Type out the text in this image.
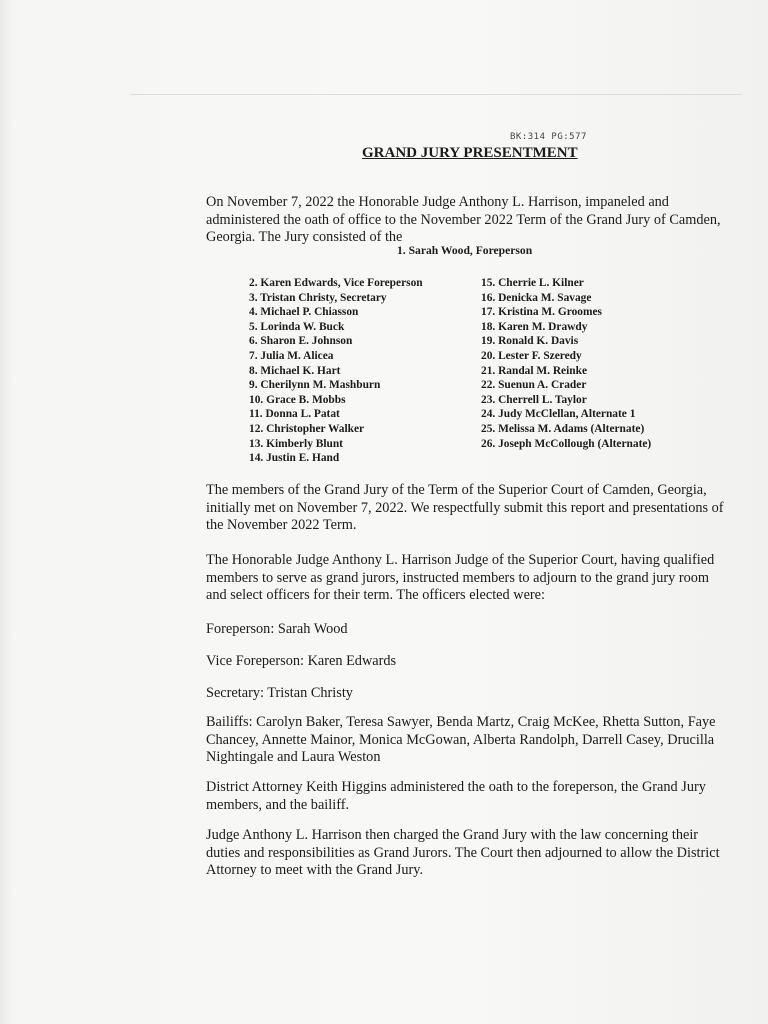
BK:314 PG:577
GRAND JURY PRESENTMENT
On November 7, 2022 the Honorable Judge Anthony L. Harrison, impaneled and administered the oath of office to the November 2022 Term of the Grand Jury of Camden, Georgia. The Jury consisted of the
1. Sarah Wood, Foreperson
2. Karen Edwards, Vice Foreperson
3. Tristan Christy, Secretary
4. Michael P. Chiasson
5. Lorinda W. Buck
6. Sharon E. Johnson
7. Julia M. Alicea
8. Michael K. Hart
9. Cherilynn M. Mashburn
10. Grace B. Mobbs
11. Donna L. Patat
12. Christopher Walker
13. Kimberly Blunt
14. Justin E. Hand
15. Cherrie L. Kilner
16. Denicka M. Savage
17. Kristina M. Groomes
18. Karen M. Drawdy
19. Ronald K. Davis
20. Lester F. Szeredy
21. Randal M. Reinke
22. Suenun A. Crader
23. Cherrell L. Taylor
24. Judy McClellan, Alternate 1
25. Melissa M. Adams (Alternate)
26. Joseph McCollough (Alternate)
The members of the Grand Jury of the Term of the Superior Court of Camden, Georgia, initially met on November 7, 2022. We respectfully submit this report and presentations of the November 2022 Term.
The Honorable Judge Anthony L. Harrison Judge of the Superior Court, having qualified members to serve as grand jurors, instructed members to adjourn to the grand jury room and select officers for their term. The officers elected were:
Foreperson: Sarah Wood
Vice Foreperson: Karen Edwards
Secretary: Tristan Christy
Bailiffs: Carolyn Baker, Teresa Sawyer, Benda Martz, Craig McKee, Rhetta Sutton, Faye Chancey, Annette Mainor, Monica McGowan, Alberta Randolph, Darrell Casey, Drucilla Nightingale and Laura Weston
District Attorney Keith Higgins administered the oath to the foreperson, the Grand Jury members, and the bailiff.
Judge Anthony L. Harrison then charged the Grand Jury with the law concerning their duties and responsibilities as Grand Jurors. The Court then adjourned to allow the District Attorney to meet with the Grand Jury.
